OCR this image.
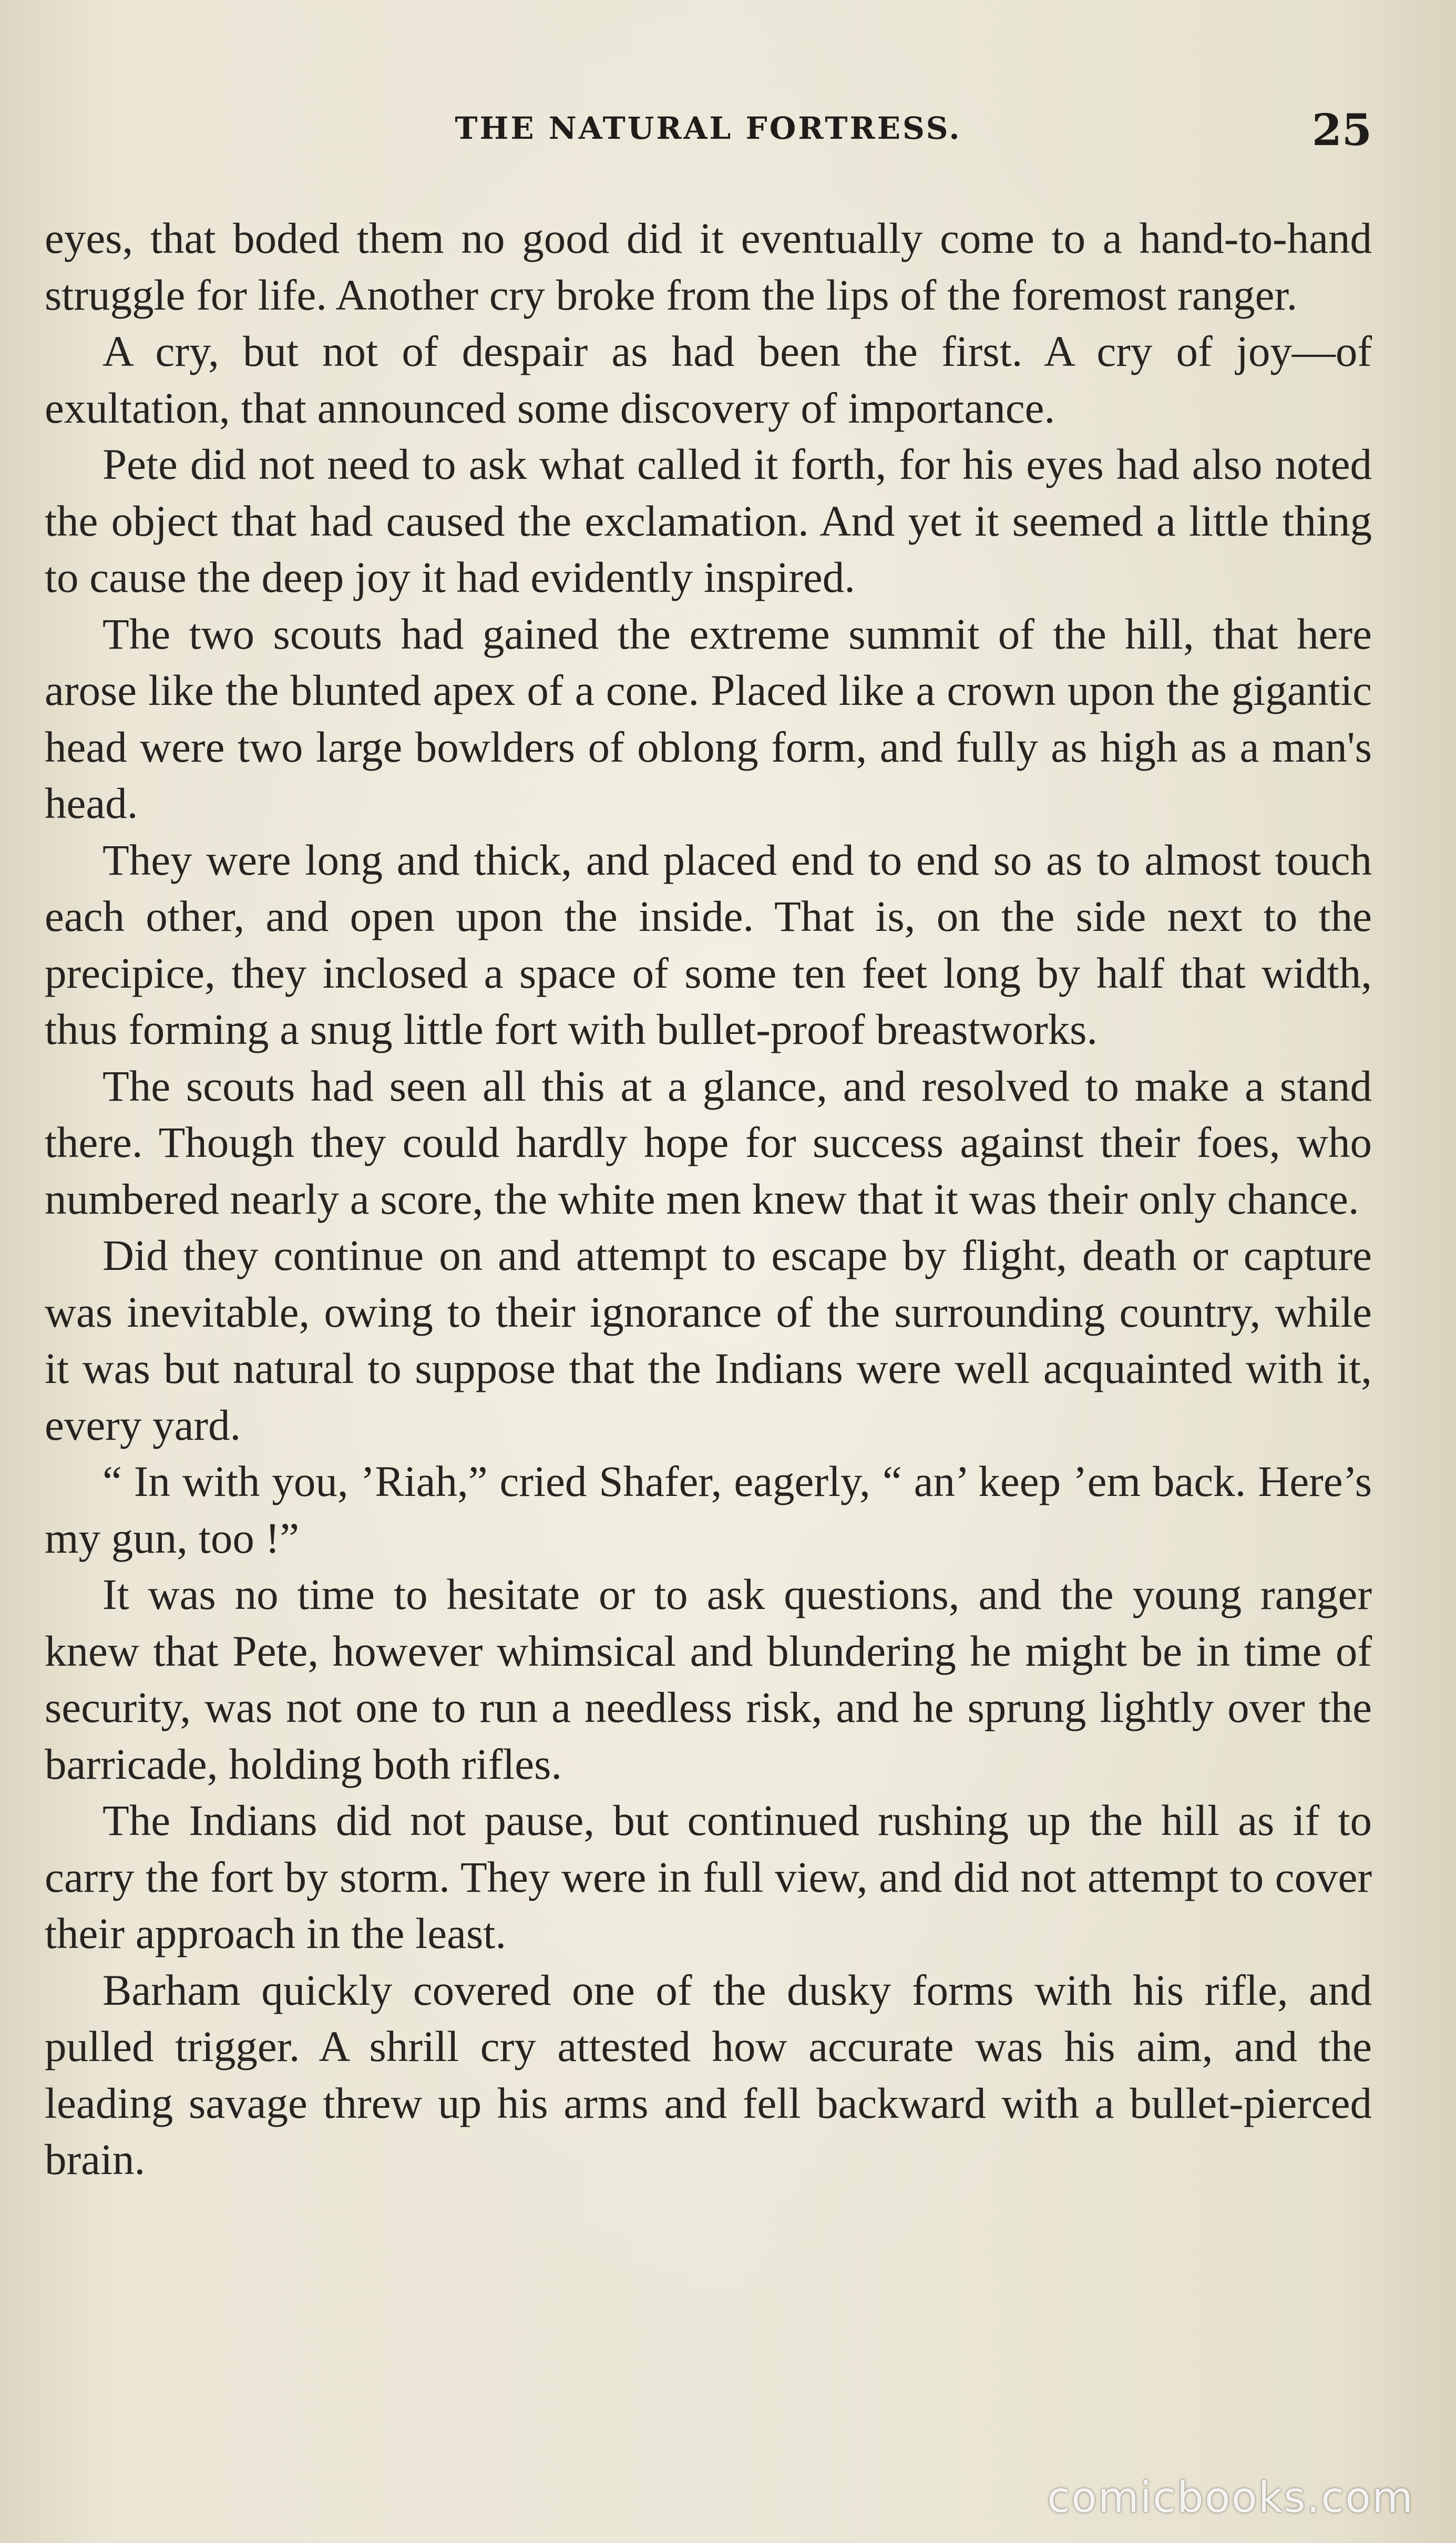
THE NATURAL FORTRESS.	25

eyes, that boded them no good did it eventually come to a hand-to-hand struggle for life. Another cry broke from the lips of the foremost ranger.

A cry, but not of despair as had been the first. A cry of joy—of exultation, that announced some discovery of importance.

Pete did not need to ask what called it forth, for his eyes had also noted the object that had caused the exclamation. And yet it seemed a little thing to cause the deep joy it had evidently inspired.

The two scouts had gained the extreme summit of the hill, that here arose like the blunted apex of a cone. Placed like a crown upon the gigantic head were two large bowlders of oblong form, and fully as high as a man's head.

They were long and thick, and placed end to end so as to almost touch each other, and open upon the inside. That is, on the side next to the precipice, they inclosed a space of some ten feet long by half that width, thus forming a snug little fort with bullet-proof breastworks.

The scouts had seen all this at a glance, and resolved to make a stand there. Though they could hardly hope for success against their foes, who numbered nearly a score, the white men knew that it was their only chance.

Did they continue on and attempt to escape by flight, death or capture was inevitable, owing to their ignorance of the surrounding country, while it was but natural to suppose that the Indians were well acquainted with it, every yard.

“ In with you, ’Riah,” cried Shafer, eagerly, “ an’ keep ’em back. Here’s my gun, too !”

It was no time to hesitate or to ask questions, and the young ranger knew that Pete, however whimsical and blundering he might be in time of security, was not one to run a needless risk, and he sprung lightly over the barricade, holding both rifles.

The Indians did not pause, but continued rushing up the hill as if to carry the fort by storm. They were in full view, and did not attempt to cover their approach in the least.

Barham quickly covered one of the dusky forms with his rifle, and pulled trigger. A shrill cry attested how accurate was his aim, and the leading savage threw up his arms and fell backward with a bullet-pierced brain.

comicbooks.com
